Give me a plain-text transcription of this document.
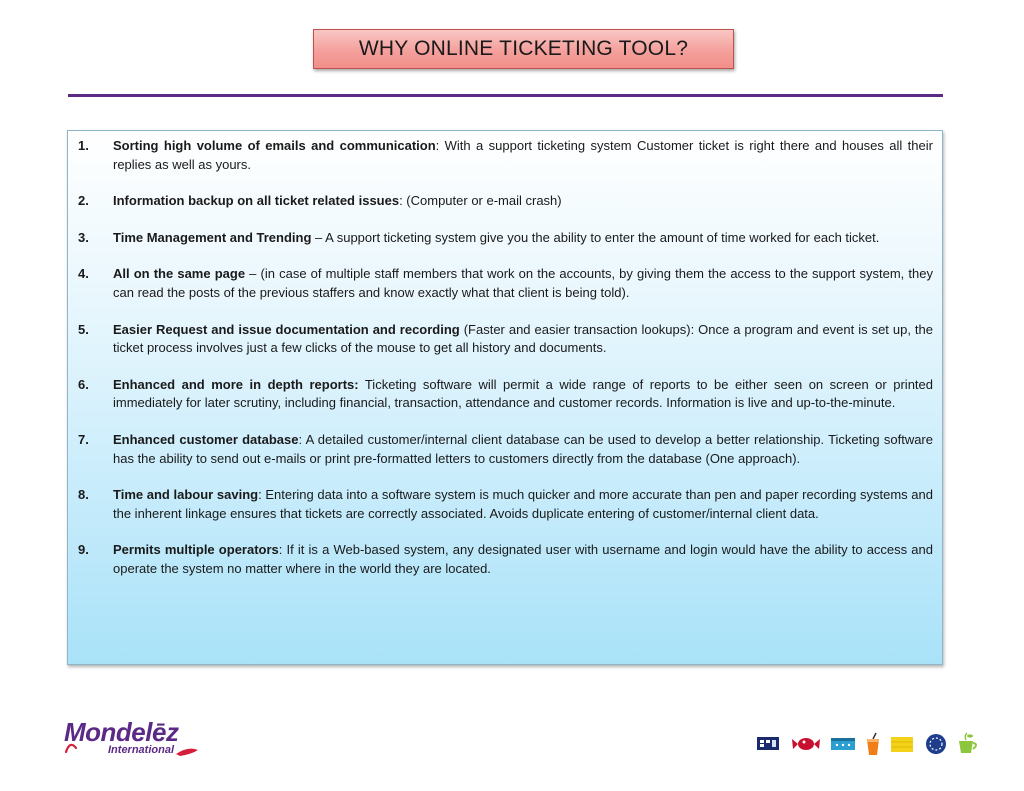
WHY ONLINE TICKETING TOOL?
1.	Sorting high volume of emails and communication: With a support ticketing system Customer ticket is right there and houses all their replies as well as yours.
2.	Information backup on all ticket related issues: (Computer or e-mail crash)
3.	Time Management and Trending – A support ticketing system give you the ability to enter the amount of time worked for each ticket.
4.	All on the same page – (in case of multiple staff members that work on the accounts, by giving them the access to the support system, they can read the posts of the previous staffers and know exactly what that client is being told).
5.	Easier Request and issue documentation and recording (Faster and easier transaction lookups): Once a program and event is set up, the ticket process involves just a few clicks of the mouse to get all history and documents.
6.	Enhanced and more in depth reports: Ticketing software will permit a wide range of reports to be either seen on screen or printed immediately for later scrutiny, including financial, transaction, attendance and customer records. Information is live and up-to-the-minute.
7.	Enhanced customer database: A detailed customer/internal client database can be used to develop a better relationship. Ticketing software has the ability to send out e-mails or print pre-formatted letters to customers directly from the database (One approach).
8.	Time and labour saving: Entering data into a software system is much quicker and more accurate than pen and paper recording systems and the inherent linkage ensures that tickets are correctly associated. Avoids duplicate entering of customer/internal client data.
9.	Permits multiple operators: If it is a Web-based system, any designated user with username and login would have the ability to access and operate the system no matter where in the world they are located.
Mondelēz
International
